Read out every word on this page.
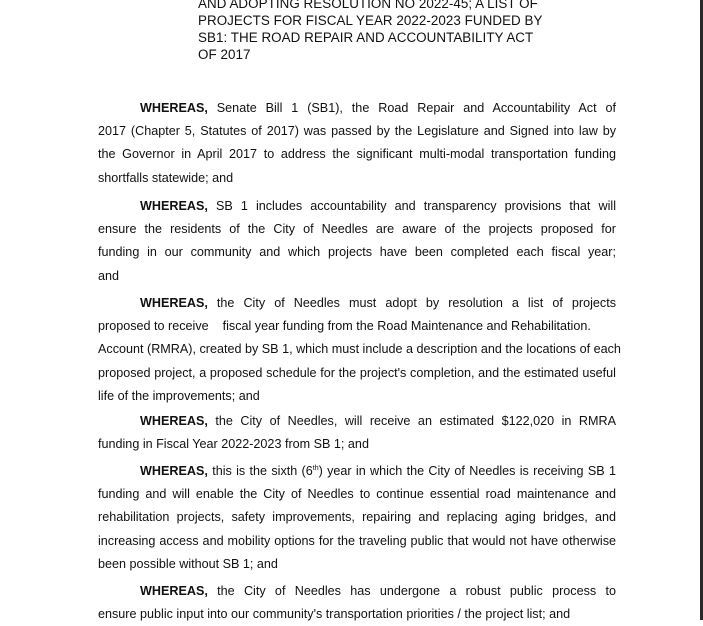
AND ADOPTING RESOLUTION NO 2022-45; A LIST OF
PROJECTS FOR FISCAL YEAR 2022-2023 FUNDED BY
SB1: THE ROAD REPAIR AND ACCOUNTABILITY ACT
OF 2017
WHEREAS, Senate Bill 1 (SB1), the Road Repair and Accountability Act of
2017 (Chapter 5, Statutes of 2017) was passed by the Legislature and Signed into law by
the Governor in April 2017 to address the significant multi-modal transportation funding
shortfalls statewide; and
WHEREAS, SB 1 includes accountability and transparency provisions that will
ensure the residents of the City of Needles are aware of the projects proposed for
funding in our community and which projects have been completed each fiscal year;
and
WHEREAS, the City of Needles must adopt by resolution a list of projects
proposed to receive    fiscal year funding from the Road Maintenance and Rehabilitation.
Account (RMRA), created by SB 1, which must include a description and the locations of each
proposed project, a proposed schedule for the project's completion, and the estimated useful
life of the improvements; and
WHEREAS, the City of Needles, will receive an estimated $122,020 in RMRA
funding in Fiscal Year 2022-2023 from SB 1; and
WHEREAS, this is the sixth (6th) year in which the City of Needles is receiving SB 1
funding and will enable the City of Needles to continue essential road maintenance and
rehabilitation projects, safety improvements, repairing and replacing aging bridges, and
increasing access and mobility options for the traveling public that would not have otherwise
been possible without SB 1; and
WHEREAS, the City of Needles has undergone a robust public process to
ensure public input into our community's transportation priorities / the project list; and
